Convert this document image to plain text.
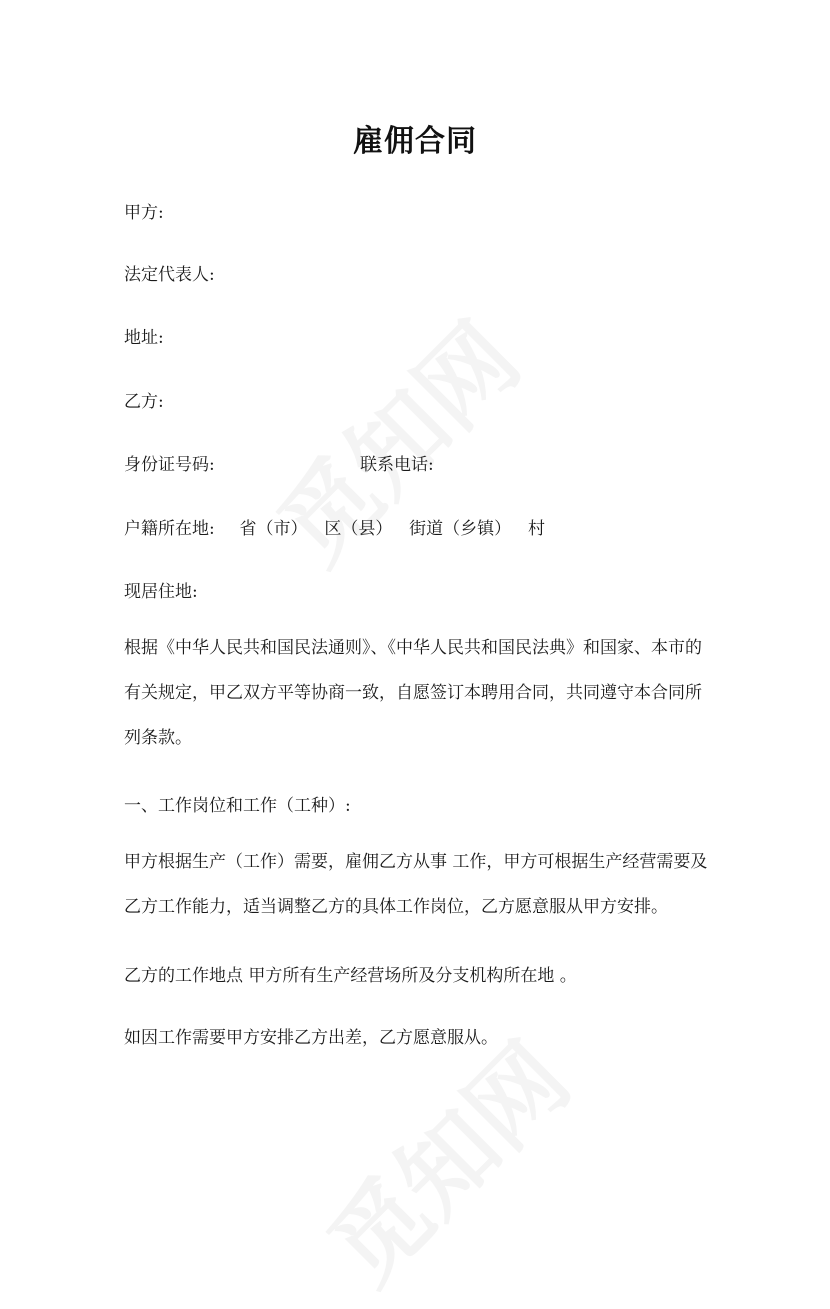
雇佣合同
甲方:
法定代表人:
地址:
乙方:
身份证号码:	联系电话:
户籍所在地: 省（市） 区（县） 街道（乡镇） 村
现居住地:
根据《中华人民共和国民法通则》、《中华人民共和国民法典》和国家、本市的有关规定，甲乙双方平等协商一致，自愿签订本聘用合同，共同遵守本合同所列条款。
一、工作岗位和工作（工种）:
甲方根据生产（工作）需要，雇佣乙方从事 工作，甲方可根据生产经营需要及乙方工作能力，适当调整乙方的具体工作岗位，乙方愿意服从甲方安排。
乙方的工作地点 甲方所有生产经营场所及分支机构所在地 。
如因工作需要甲方安排乙方出差，乙方愿意服从。
